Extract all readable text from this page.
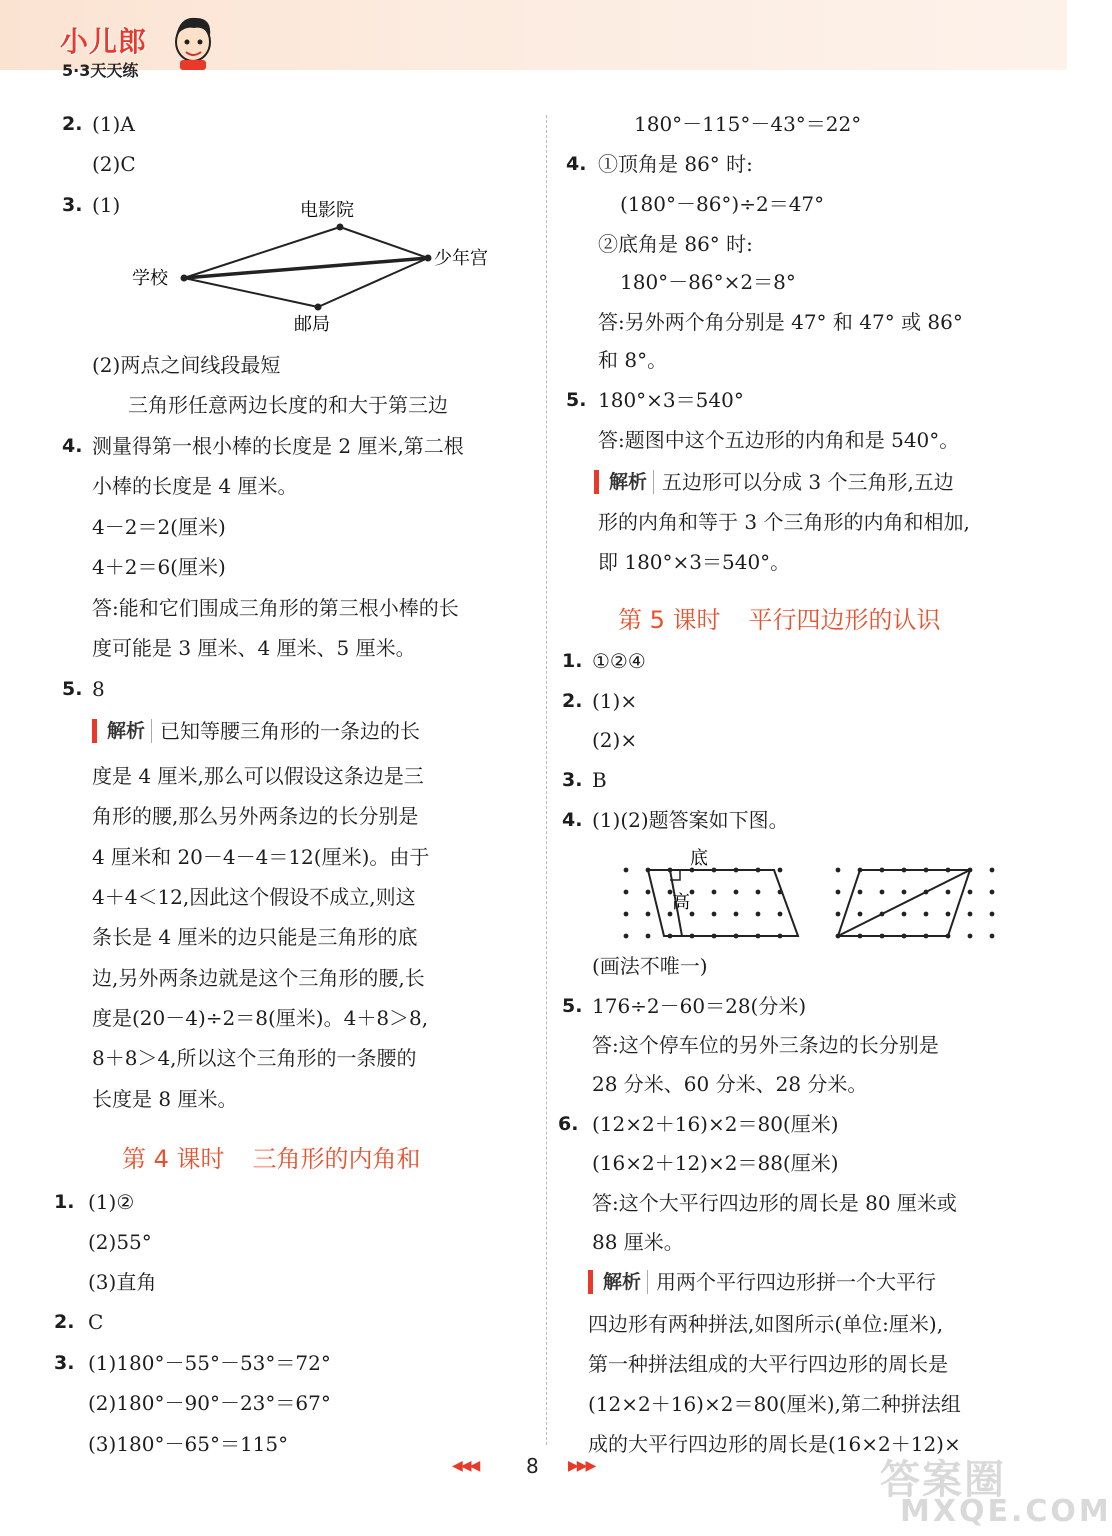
小儿郎
5·3天天练
2. (1)A
(2)C
3. (1)	电影院
少年宫
学校
邮局
(2)两点之间线段最短
三角形任意两边长度的和大于第三边
4. 测量得第一根小棒的长度是 2 厘米,第二根
小棒的长度是 4 厘米。
4－2＝2(厘米)
4＋2＝6(厘米)
答:能和它们围成三角形的第三根小棒的长
度可能是 3 厘米、4 厘米、5 厘米。
5. 8
解析 已知等腰三角形的一条边的长
度是 4 厘米,那么可以假设这条边是三
角形的腰,那么另外两条边的长分别是
4 厘米和 20－4－4＝12(厘米)。由于
4＋4＜12,因此这个假设不成立,则这
条长是 4 厘米的边只能是三角形的底
边,另外两条边就是这个三角形的腰,长
度是(20－4)÷2＝8(厘米)。4＋8＞8,
8＋8＞4,所以这个三角形的一条腰的
长度是 8 厘米。
第 4 课时 三角形的内角和
1. (1)②
(2)55°
(3)直角
2. C
3. (1)180°－55°－53°＝72°
(2)180°－90°－23°＝67°
(3)180°－65°＝115°
180°－115°－43°＝22°
4. ①顶角是 86° 时:
(180°－86°)÷2＝47°
②底角是 86° 时:
180°－86°×2＝8°
答:另外两个角分别是 47° 和 47° 或 86°
和 8°。
5. 180°×3＝540°
答:题图中这个五边形的内角和是 540°。
解析 五边形可以分成 3 个三角形,五边
形的内角和等于 3 个三角形的内角和相加,
即 180°×3＝540°。
第 5 课时 平行四边形的认识
1. ①②④
2. (1)×
(2)×
3. B
4. (1)(2)题答案如下图。
底
高
(画法不唯一)
5. 176÷2－60＝28(分米)
答:这个停车位的另外三条边的长分别是
28 分米、60 分米、28 分米。
6. (12×2＋16)×2＝80(厘米)
(16×2＋12)×2＝88(厘米)
答:这个大平行四边形的周长是 80 厘米或
88 厘米。
解析 用两个平行四边形拼一个大平行
四边形有两种拼法,如图所示(单位:厘米),
第一种拼法组成的大平行四边形的周长是
(12×2＋16)×2＝80(厘米),第二种拼法组
成的大平行四边形的周长是(16×2＋12)×
◀◀◀ 8 ▶▶▶	答案圈
MXQE.COM
